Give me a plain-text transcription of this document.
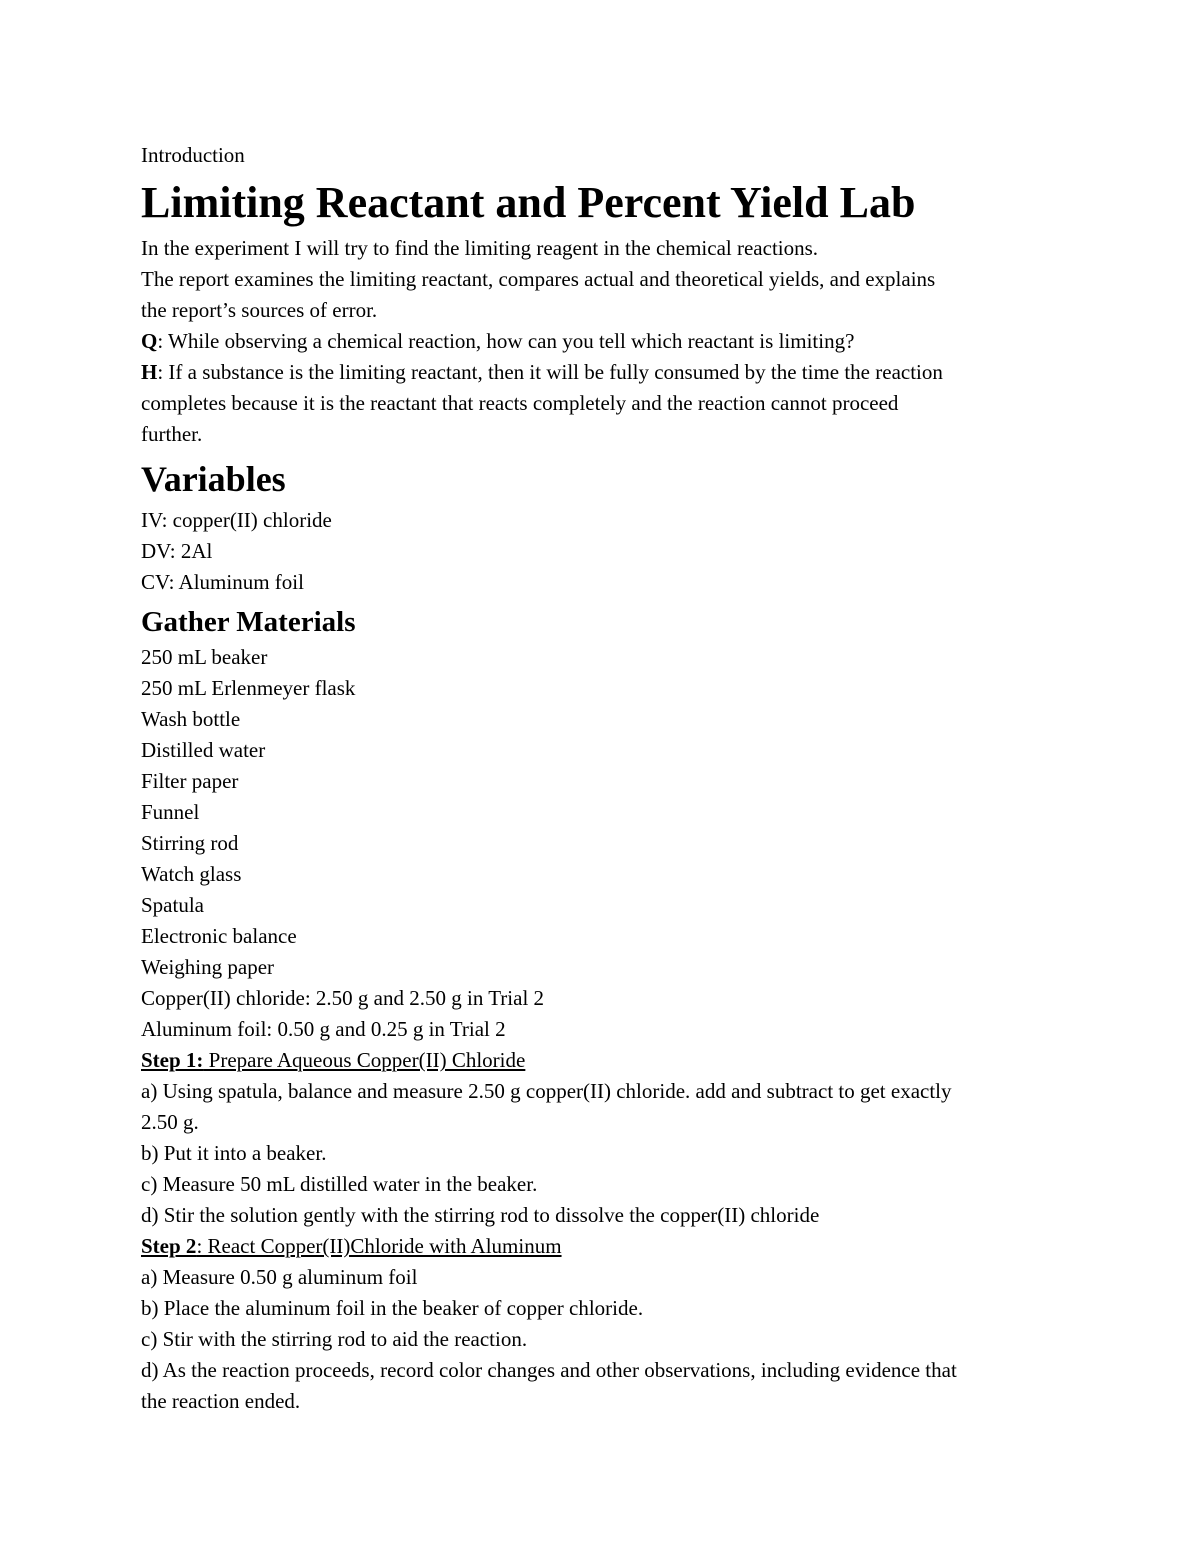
Introduction

Limiting Reactant and Percent Yield Lab

In the experiment I will try to find the limiting reagent in the chemical reactions.

The report examines the limiting reactant, compares actual and theoretical yields, and explains

the report’s sources of error.

Q: While observing a chemical reaction, how can you tell which reactant is limiting?

H: If a substance is the limiting reactant, then it will be fully consumed by the time the reaction

completes because it is the reactant that reacts completely and the reaction cannot proceed

further.

Variables

IV: copper(II) chloride

DV: 2Al

CV: Aluminum foil

Gather Materials

250 mL beaker

250 mL Erlenmeyer flask

Wash bottle

Distilled water

Filter paper

Funnel

Stirring rod

Watch glass

Spatula

Electronic balance

Weighing paper

Copper(II) chloride: 2.50 g and 2.50 g in Trial 2

Aluminum foil: 0.50 g and 0.25 g in Trial 2

Step 1: Prepare Aqueous Copper(II) Chloride

a) Using spatula, balance and measure 2.50 g copper(II) chloride. add and subtract to get exactly

2.50 g.

b) Put it into a beaker.

c) Measure 50 mL distilled water in the beaker.

d) Stir the solution gently with the stirring rod to dissolve the copper(II) chloride

Step 2: React Copper(II)Chloride with Aluminum

a) Measure 0.50 g aluminum foil

b) Place the aluminum foil in the beaker of copper chloride.

c) Stir with the stirring rod to aid the reaction.

d) As the reaction proceeds, record color changes and other observations, including evidence that

the reaction ended.
